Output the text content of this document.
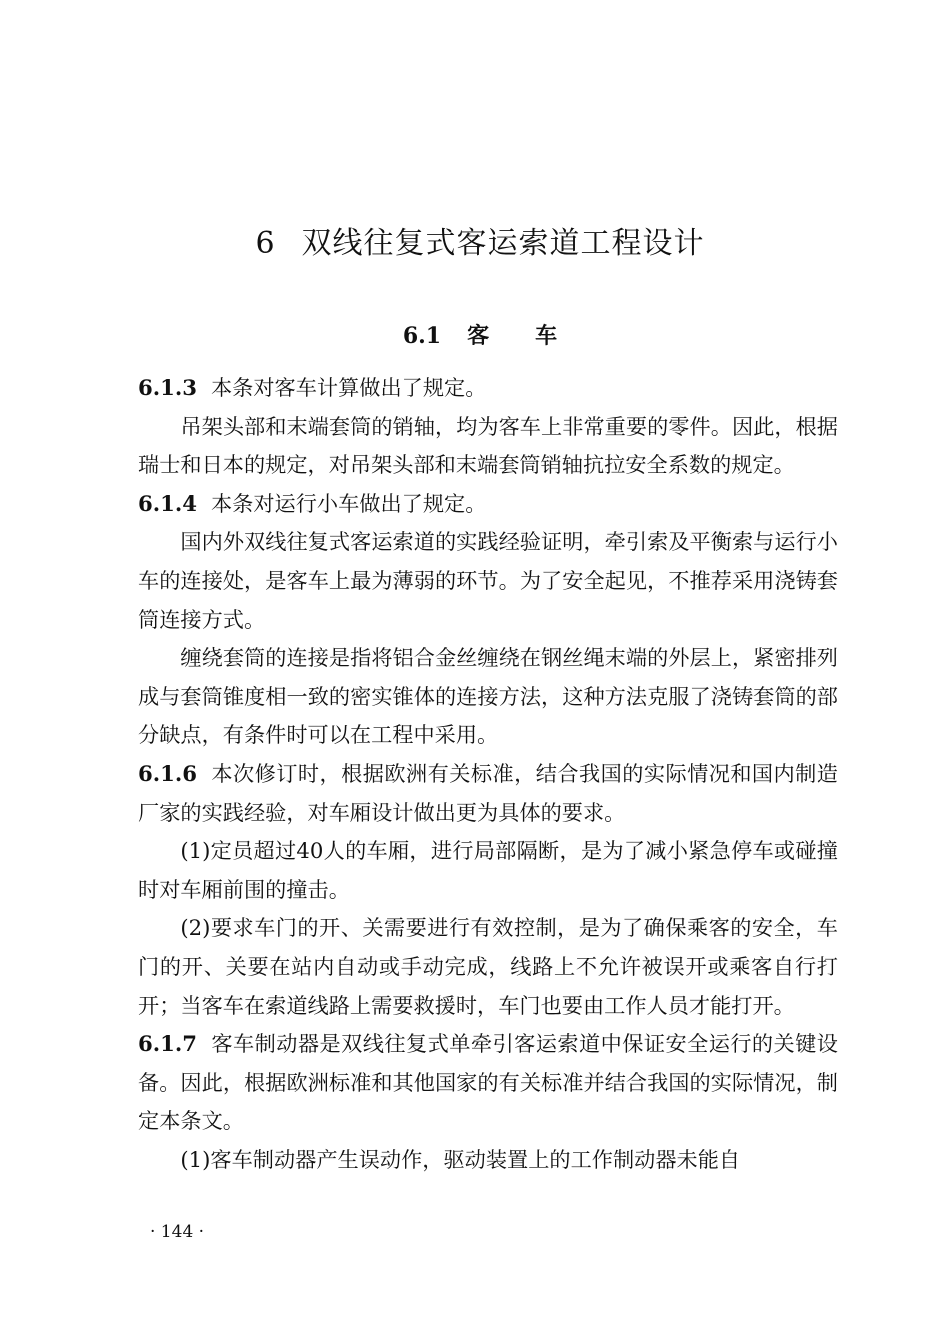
6 双线往复式客运索道工程设计
6.1 客 车

6.1.3 本条对客车计算做出了规定。

吊架头部和末端套筒的销轴，均为客车上非常重要的零件。因此，根据瑞士和日本的规定，对吊架头部和末端套筒销轴抗拉安全系数的规定。

6.1.4 本条对运行小车做出了规定。

国内外双线往复式客运索道的实践经验证明，牵引索及平衡索与运行小车的连接处，是客车上最为薄弱的环节。为了安全起见，不推荐采用浇铸套筒连接方式。

缠绕套筒的连接是指将铝合金丝缠绕在钢丝绳末端的外层上，紧密排列成与套筒锥度相一致的密实锥体的连接方法，这种方法克服了浇铸套筒的部分缺点，有条件时可以在工程中采用。

6.1.6 本次修订时，根据欧洲有关标准，结合我国的实际情况和国内制造厂家的实践经验，对车厢设计做出更为具体的要求。

(1)定员超过40人的车厢，进行局部隔断，是为了减小紧急停车或碰撞时对车厢前围的撞击。

(2)要求车门的开、关需要进行有效控制，是为了确保乘客的安全，车门的开、关要在站内自动或手动完成，线路上不允许被误开或乘客自行打开；当客车在索道线路上需要救援时，车门也要由工作人员才能打开。

6.1.7 客车制动器是双线往复式单牵引客运索道中保证安全运行的关键设备。因此，根据欧洲标准和其他国家的有关标准并结合我国的实际情况，制定本条文。

(1)客车制动器产生误动作，驱动装置上的工作制动器未能自

· 144 ·
